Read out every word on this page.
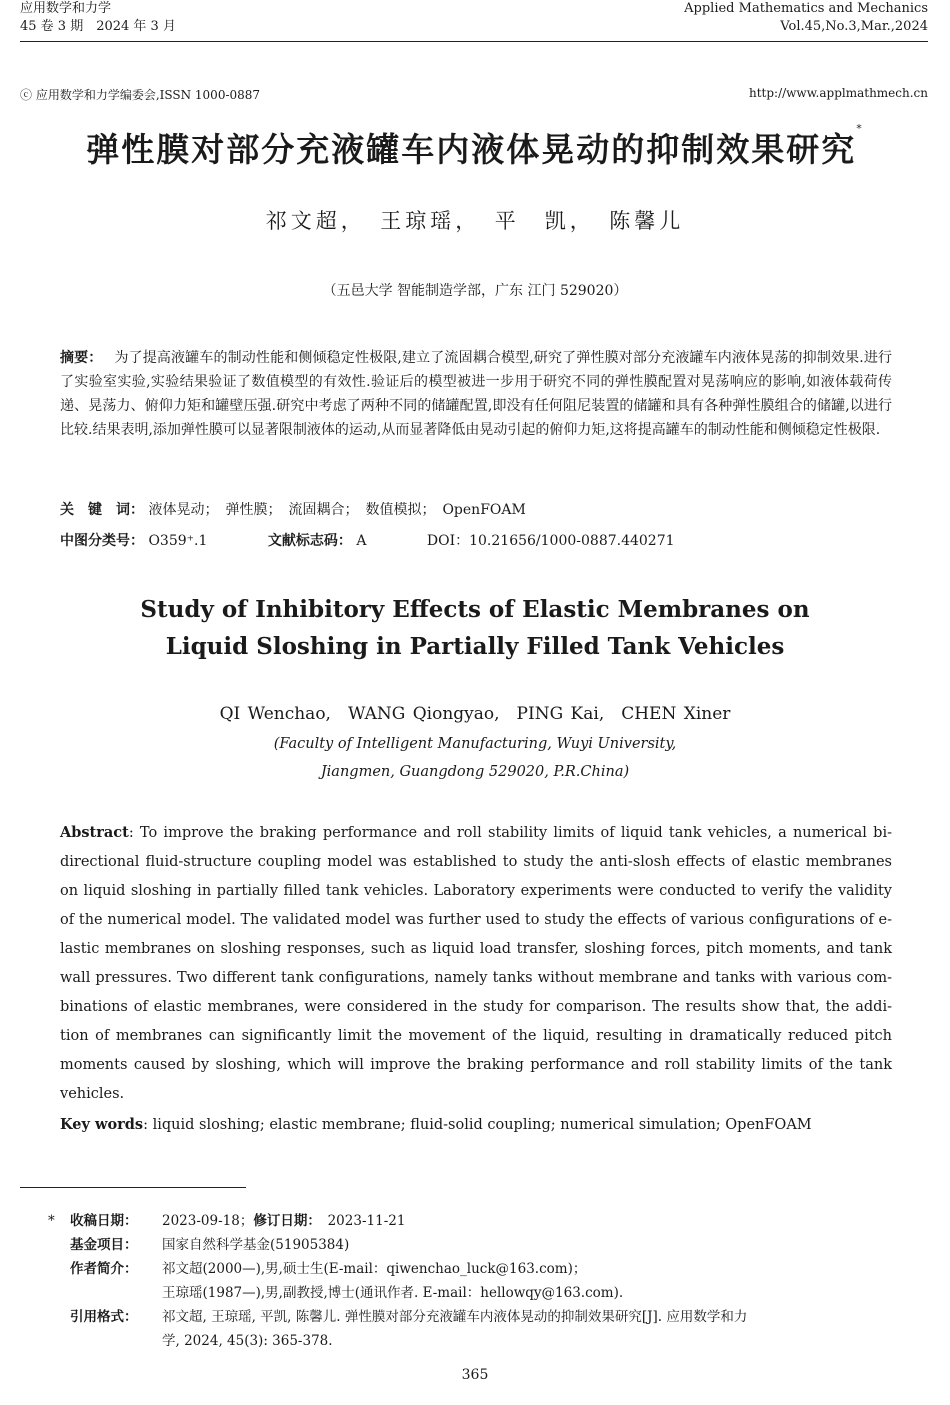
应用数学和力学
45 卷 3 期　2024 年 3 月
Applied Mathematics and Mechanics
Vol.45,No.3,Mar.,2024
ⓒ 应用数学和力学编委会,ISSN 1000-0887	http://www.applmathmech.cn
弹性膜对部分充液罐车内液体晃动的抑制效果研究*
祁文超，　王琼瑶，　平　凯，　陈馨儿
（五邑大学 智能制造学部，广东 江门 529020）
摘要： 为了提高液罐车的制动性能和侧倾稳定性极限,建立了流固耦合模型,研究了弹性膜对部分充液罐车内液体晃荡的抑制效果.进行了实验室实验,实验结果验证了数值模型的有效性.验证后的模型被进一步用于研究不同的弹性膜配置对晃荡响应的影响,如液体载荷传递、晃荡力、俯仰力矩和罐壁压强.研究中考虑了两种不同的储罐配置,即没有任何阻尼装置的储罐和具有各种弹性膜组合的储罐,以进行比较.结果表明,添加弹性膜可以显著限制液体的运动,从而显著降低由晃动引起的俯仰力矩,这将提高罐车的制动性能和侧倾稳定性极限.
关　键　词： 液体晃动；　弹性膜；　流固耦合；　数值模拟；　OpenFOAM
中图分类号： O359⁺.1	文献标志码： A	DOI：10.21656/1000-0887.440271
Study of Inhibitory Effects of Elastic Membranes on
Liquid Sloshing in Partially Filled Tank Vehicles
QI Wenchao,　WANG Qiongyao,　PING Kai,　CHEN Xiner
(Faculty of Intelligent Manufacturing, Wuyi University,
Jiangmen, Guangdong 529020, P.R.China)
Abstract: To improve the braking performance and roll stability limits of liquid tank vehicles, a numerical bi-directional fluid-structure coupling model was established to study the anti-slosh effects of elastic membranes on liquid sloshing in partially filled tank vehicles. Laboratory experiments were conducted to verify the validity of the numerical model. The validated model was further used to study the effects of various configurations of e-lastic membranes on sloshing responses, such as liquid load transfer, sloshing forces, pitch moments, and tank wall pressures. Two different tank configurations, namely tanks without membrane and tanks with various com-binations of elastic membranes, were considered in the study for comparison. The results show that, the addi-tion of membranes can significantly limit the movement of the liquid, resulting in dramatically reduced pitch moments caused by sloshing, which will improve the braking performance and roll stability limits of the tank vehicles.
Key words: liquid sloshing; elastic membrane; fluid-solid coupling; numerical simulation; OpenFOAM
*	收稿日期：	2023-09-18；修订日期：　 2023-11-21
基金项目：	国家自然科学基金(51905384)
作者简介：	祁文超(2000—),男,硕士生(E-mail：qiwenchao_luck@163.com)；
王琼瑶(1987—),男,副教授,博士(通讯作者. E-mail：hellowqy@163.com).
引用格式：	祁文超, 王琼瑶, 平凯, 陈馨儿. 弹性膜对部分充液罐车内液体晃动的抑制效果研究[J]. 应用数学和力
学, 2024, 45(3): 365-378.
365
